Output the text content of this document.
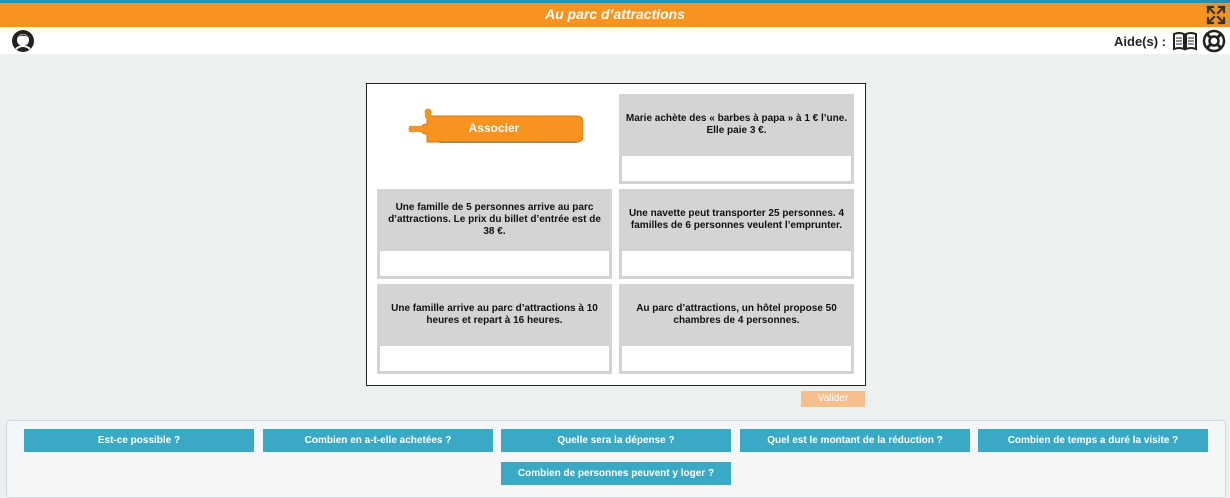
Au parc d’attractions
Aide(s) :
Associer
Marie achète des « barbes à papa » à 1 € l’une. Elle paie 3 €.
Une famille de 5 personnes arrive au parc d’attractions. Le prix du billet d’entrée est de 38 €.
Une navette peut transporter 25 personnes. 4 familles de 6 personnes veulent l’emprunter.
Une famille arrive au parc d’attractions à 10 heures et repart à 16 heures.
Au parc d’attractions, un hôtel propose 50 chambres de 4 personnes.
Valider
Est-ce possible ?	Combien en a-t-elle achetées ?	Quelle sera la dépense ?	Quel est le montant de la réduction ?	Combien de temps a duré la visite ?
Combien de personnes peuvent y loger ?
